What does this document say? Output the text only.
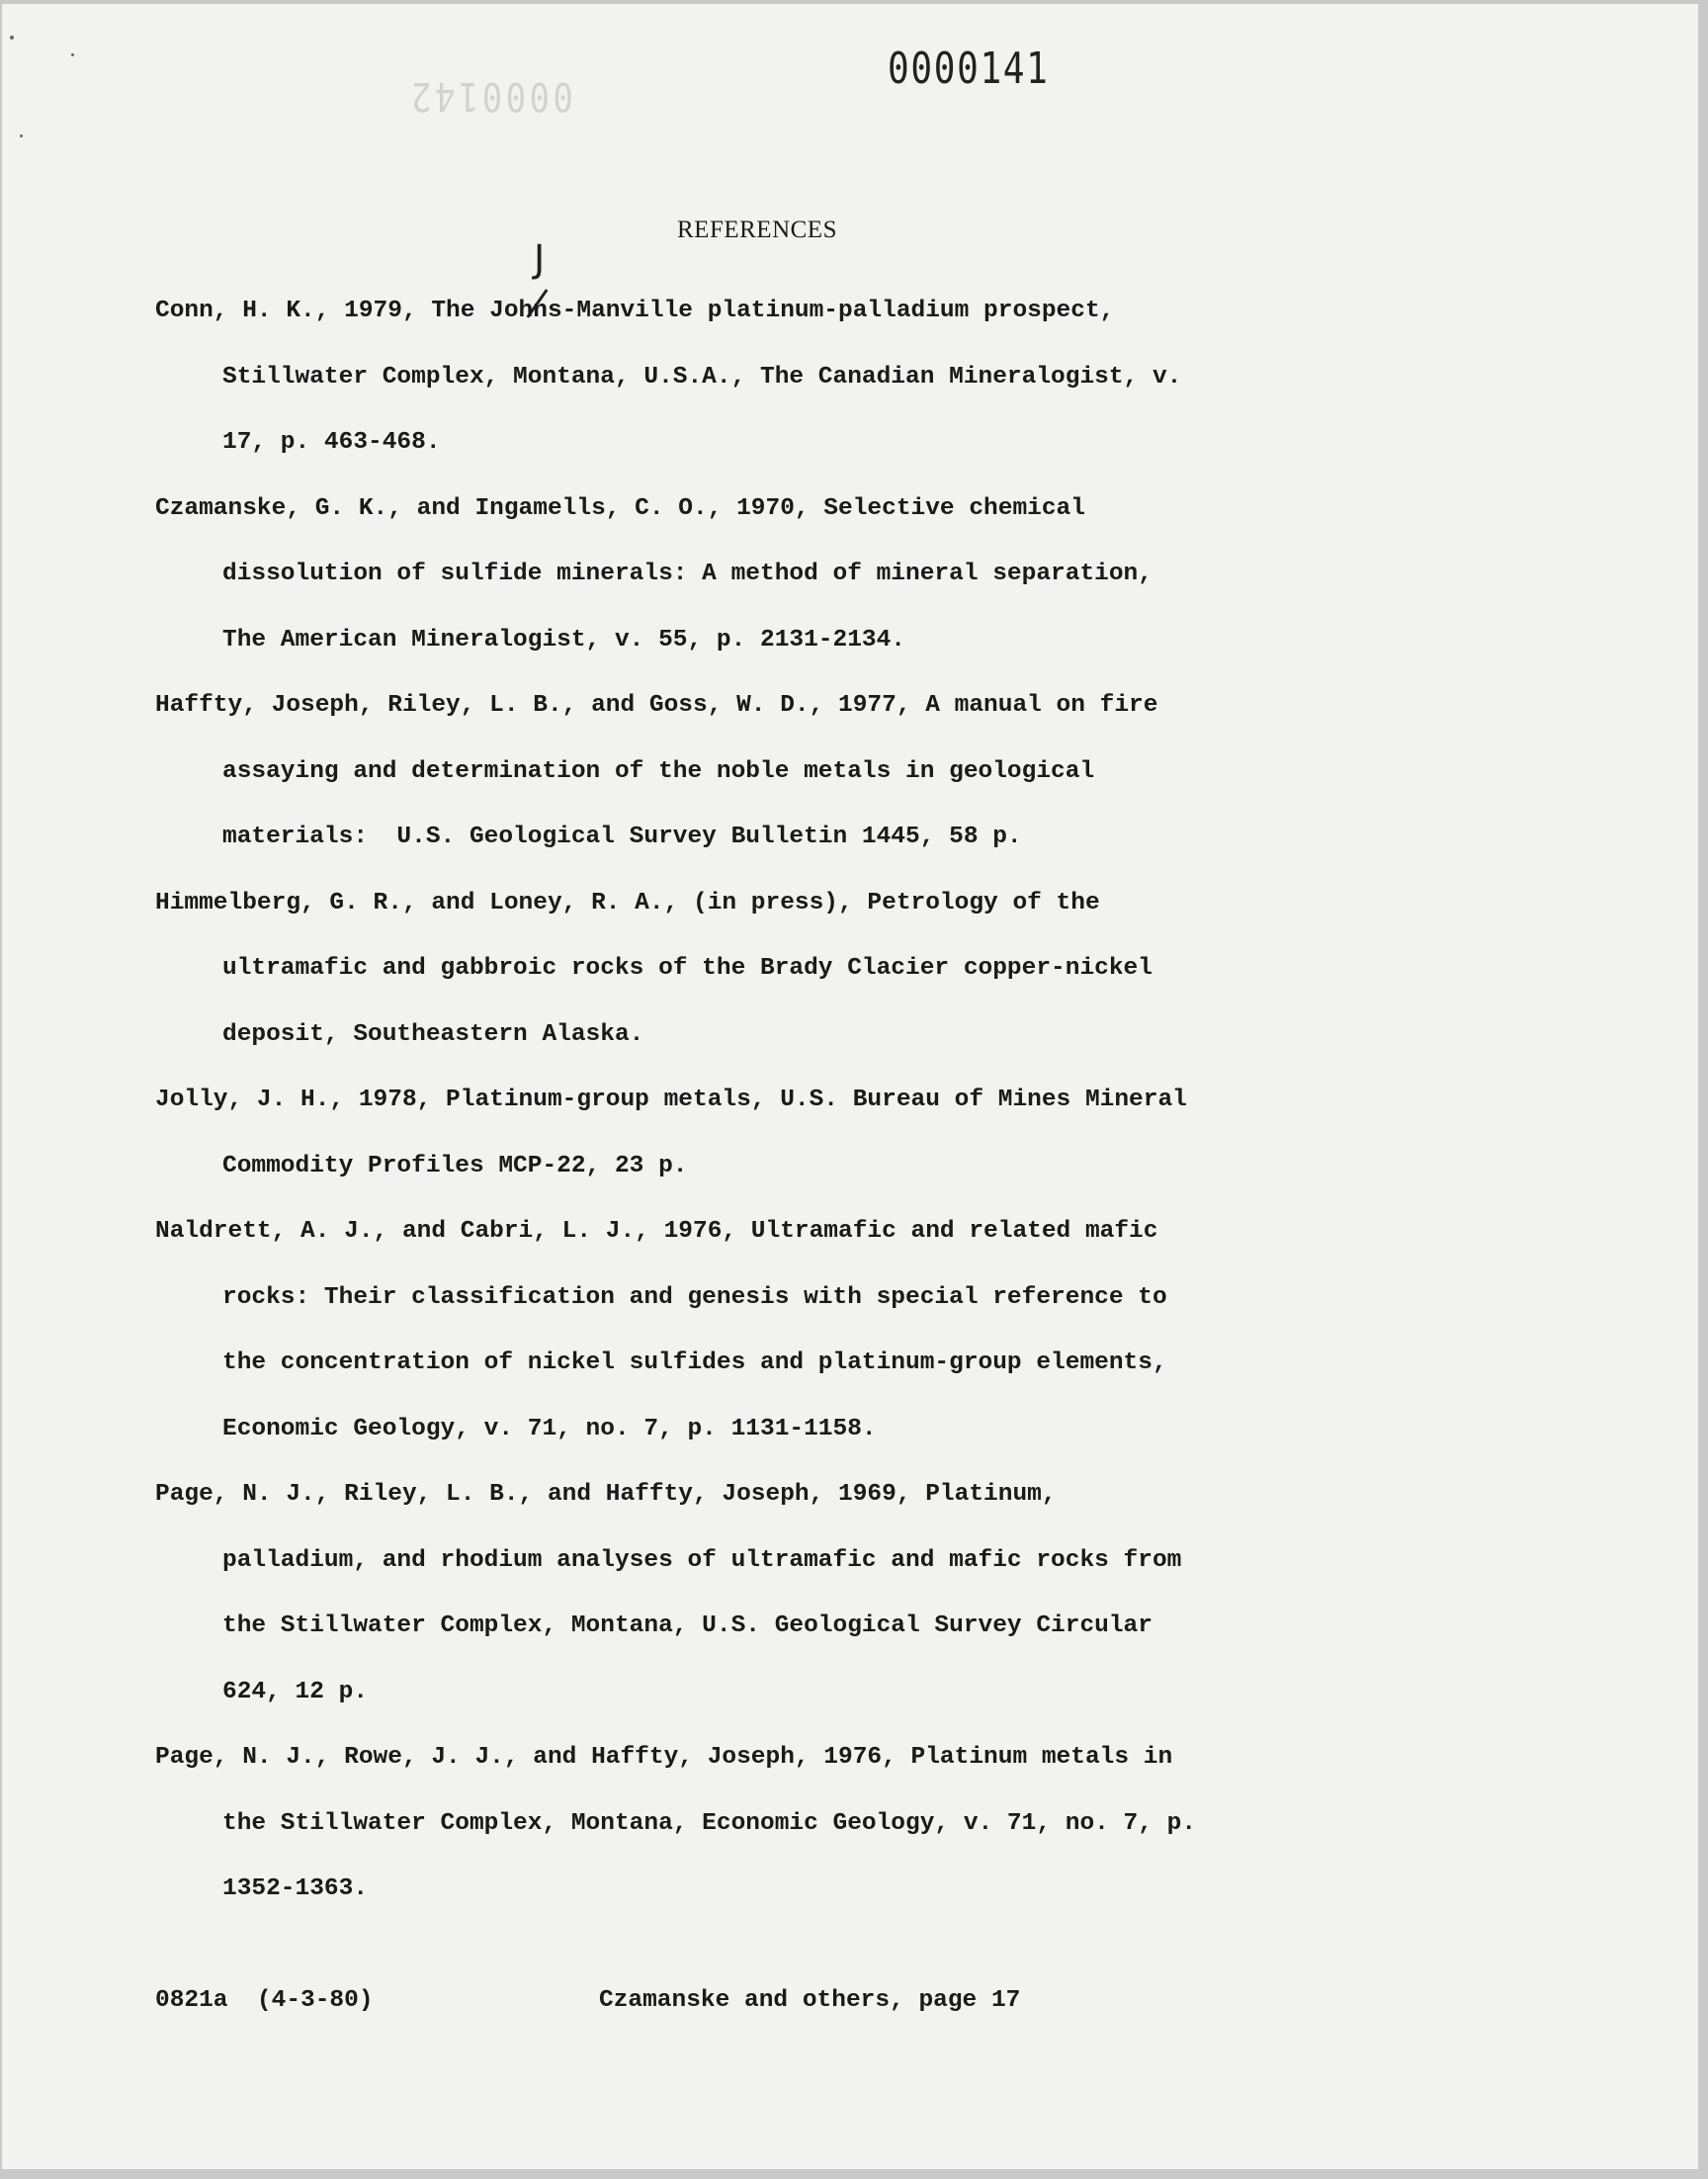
0000142
0000141
REFERENCES
J
Conn, H. K., 1979, The Johns-Manville platinum-palladium prospect,
Stillwater Complex, Montana, U.S.A., The Canadian Mineralogist, v.
17, p. 463-468.
Czamanske, G. K., and Ingamells, C. O., 1970, Selective chemical
dissolution of sulfide minerals: A method of mineral separation,
The American Mineralogist, v. 55, p. 2131-2134.
Haffty, Joseph, Riley, L. B., and Goss, W. D., 1977, A manual on fire
assaying and determination of the noble metals in geological
materials:  U.S. Geological Survey Bulletin 1445, 58 p.
Himmelberg, G. R., and Loney, R. A., (in press), Petrology of the
ultramafic and gabbroic rocks of the Brady Clacier copper-nickel
deposit, Southeastern Alaska.
Jolly, J. H., 1978, Platinum-group metals, U.S. Bureau of Mines Mineral
Commodity Profiles MCP-22, 23 p.
Naldrett, A. J., and Cabri, L. J., 1976, Ultramafic and related mafic
rocks: Their classification and genesis with special reference to
the concentration of nickel sulfides and platinum-group elements,
Economic Geology, v. 71, no. 7, p. 1131-1158.
Page, N. J., Riley, L. B., and Haffty, Joseph, 1969, Platinum,
palladium, and rhodium analyses of ultramafic and mafic rocks from
the Stillwater Complex, Montana, U.S. Geological Survey Circular
624, 12 p.
Page, N. J., Rowe, J. J., and Haffty, Joseph, 1976, Platinum metals in
the Stillwater Complex, Montana, Economic Geology, v. 71, no. 7, p.
1352-1363.
0821a  (4-3-80)	Czamanske and others, page 17
